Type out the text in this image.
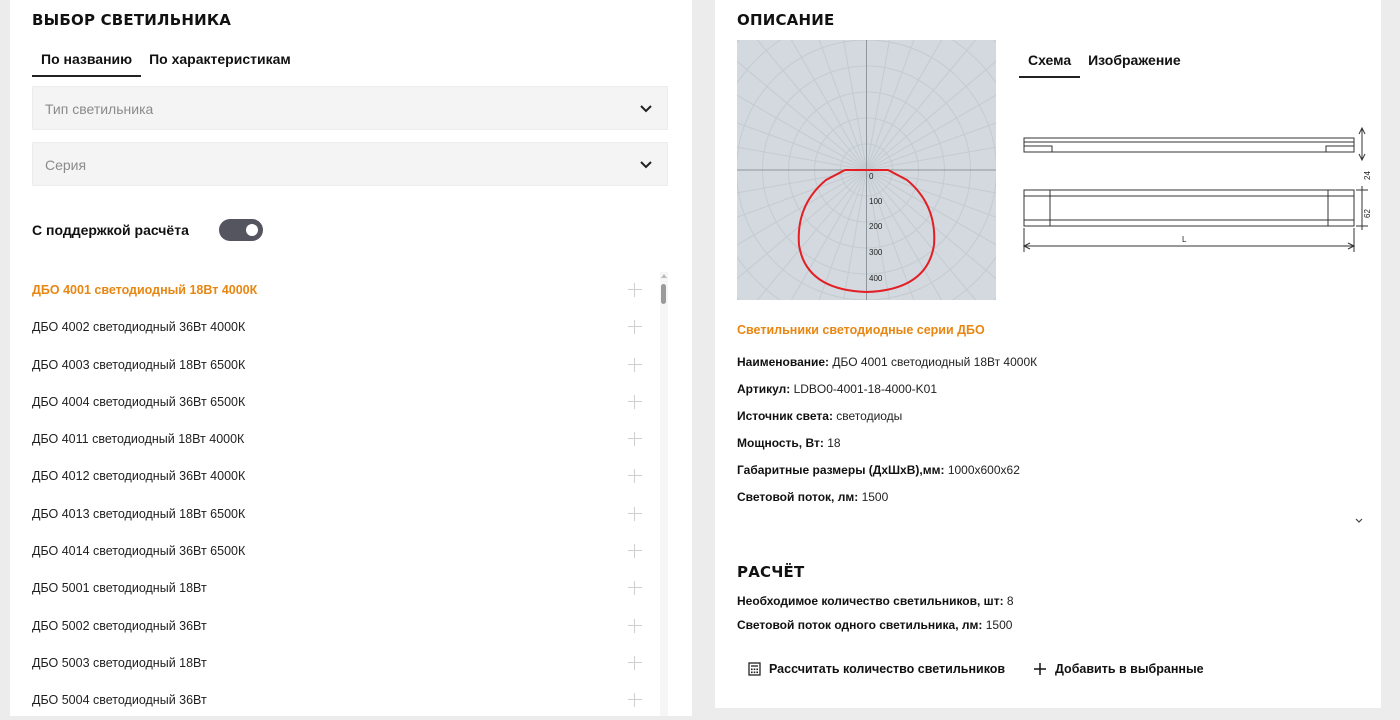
ВЫБОР СВЕТИЛЬНИКА
По названию	По характеристикам
Тип светильника
Серия
С поддержкой расчёта
ДБО 4001 светодиодный 18Вт 4000К
ДБО 4002 светодиодный 36Вт 4000К
ДБО 4003 светодиодный 18Вт 6500К
ДБО 4004 светодиодный 36Вт 6500К
ДБО 4011 светодиодный 18Вт 4000К
ДБО 4012 светодиодный 36Вт 4000К
ДБО 4013 светодиодный 18Вт 6500К
ДБО 4014 светодиодный 36Вт 6500К
ДБО 5001 светодиодный 18Вт
ДБО 5002 светодиодный 36Вт
ДБО 5003 светодиодный 18Вт
ДБО 5004 светодиодный 36Вт
ОПИСАНИЕ
0
100
200
300
400
Схема	Изображение
24
62
L
Светильники светодиодные серии ДБО
Наименование: ДБО 4001 светодиодный 18Вт 4000К
Артикул: LDBO0-4001-18-4000-K01
Источник света: светодиоды
Мощность, Вт: 18
Габаритные размеры (ДхШхВ),мм: 1000х600х62
Световой поток, лм: 1500
РАСЧЁТ
Необходимое количество светильников, шт: 8
Световой поток одного светильника, лм: 1500
Рассчитать количество светильников	Добавить в выбранные
